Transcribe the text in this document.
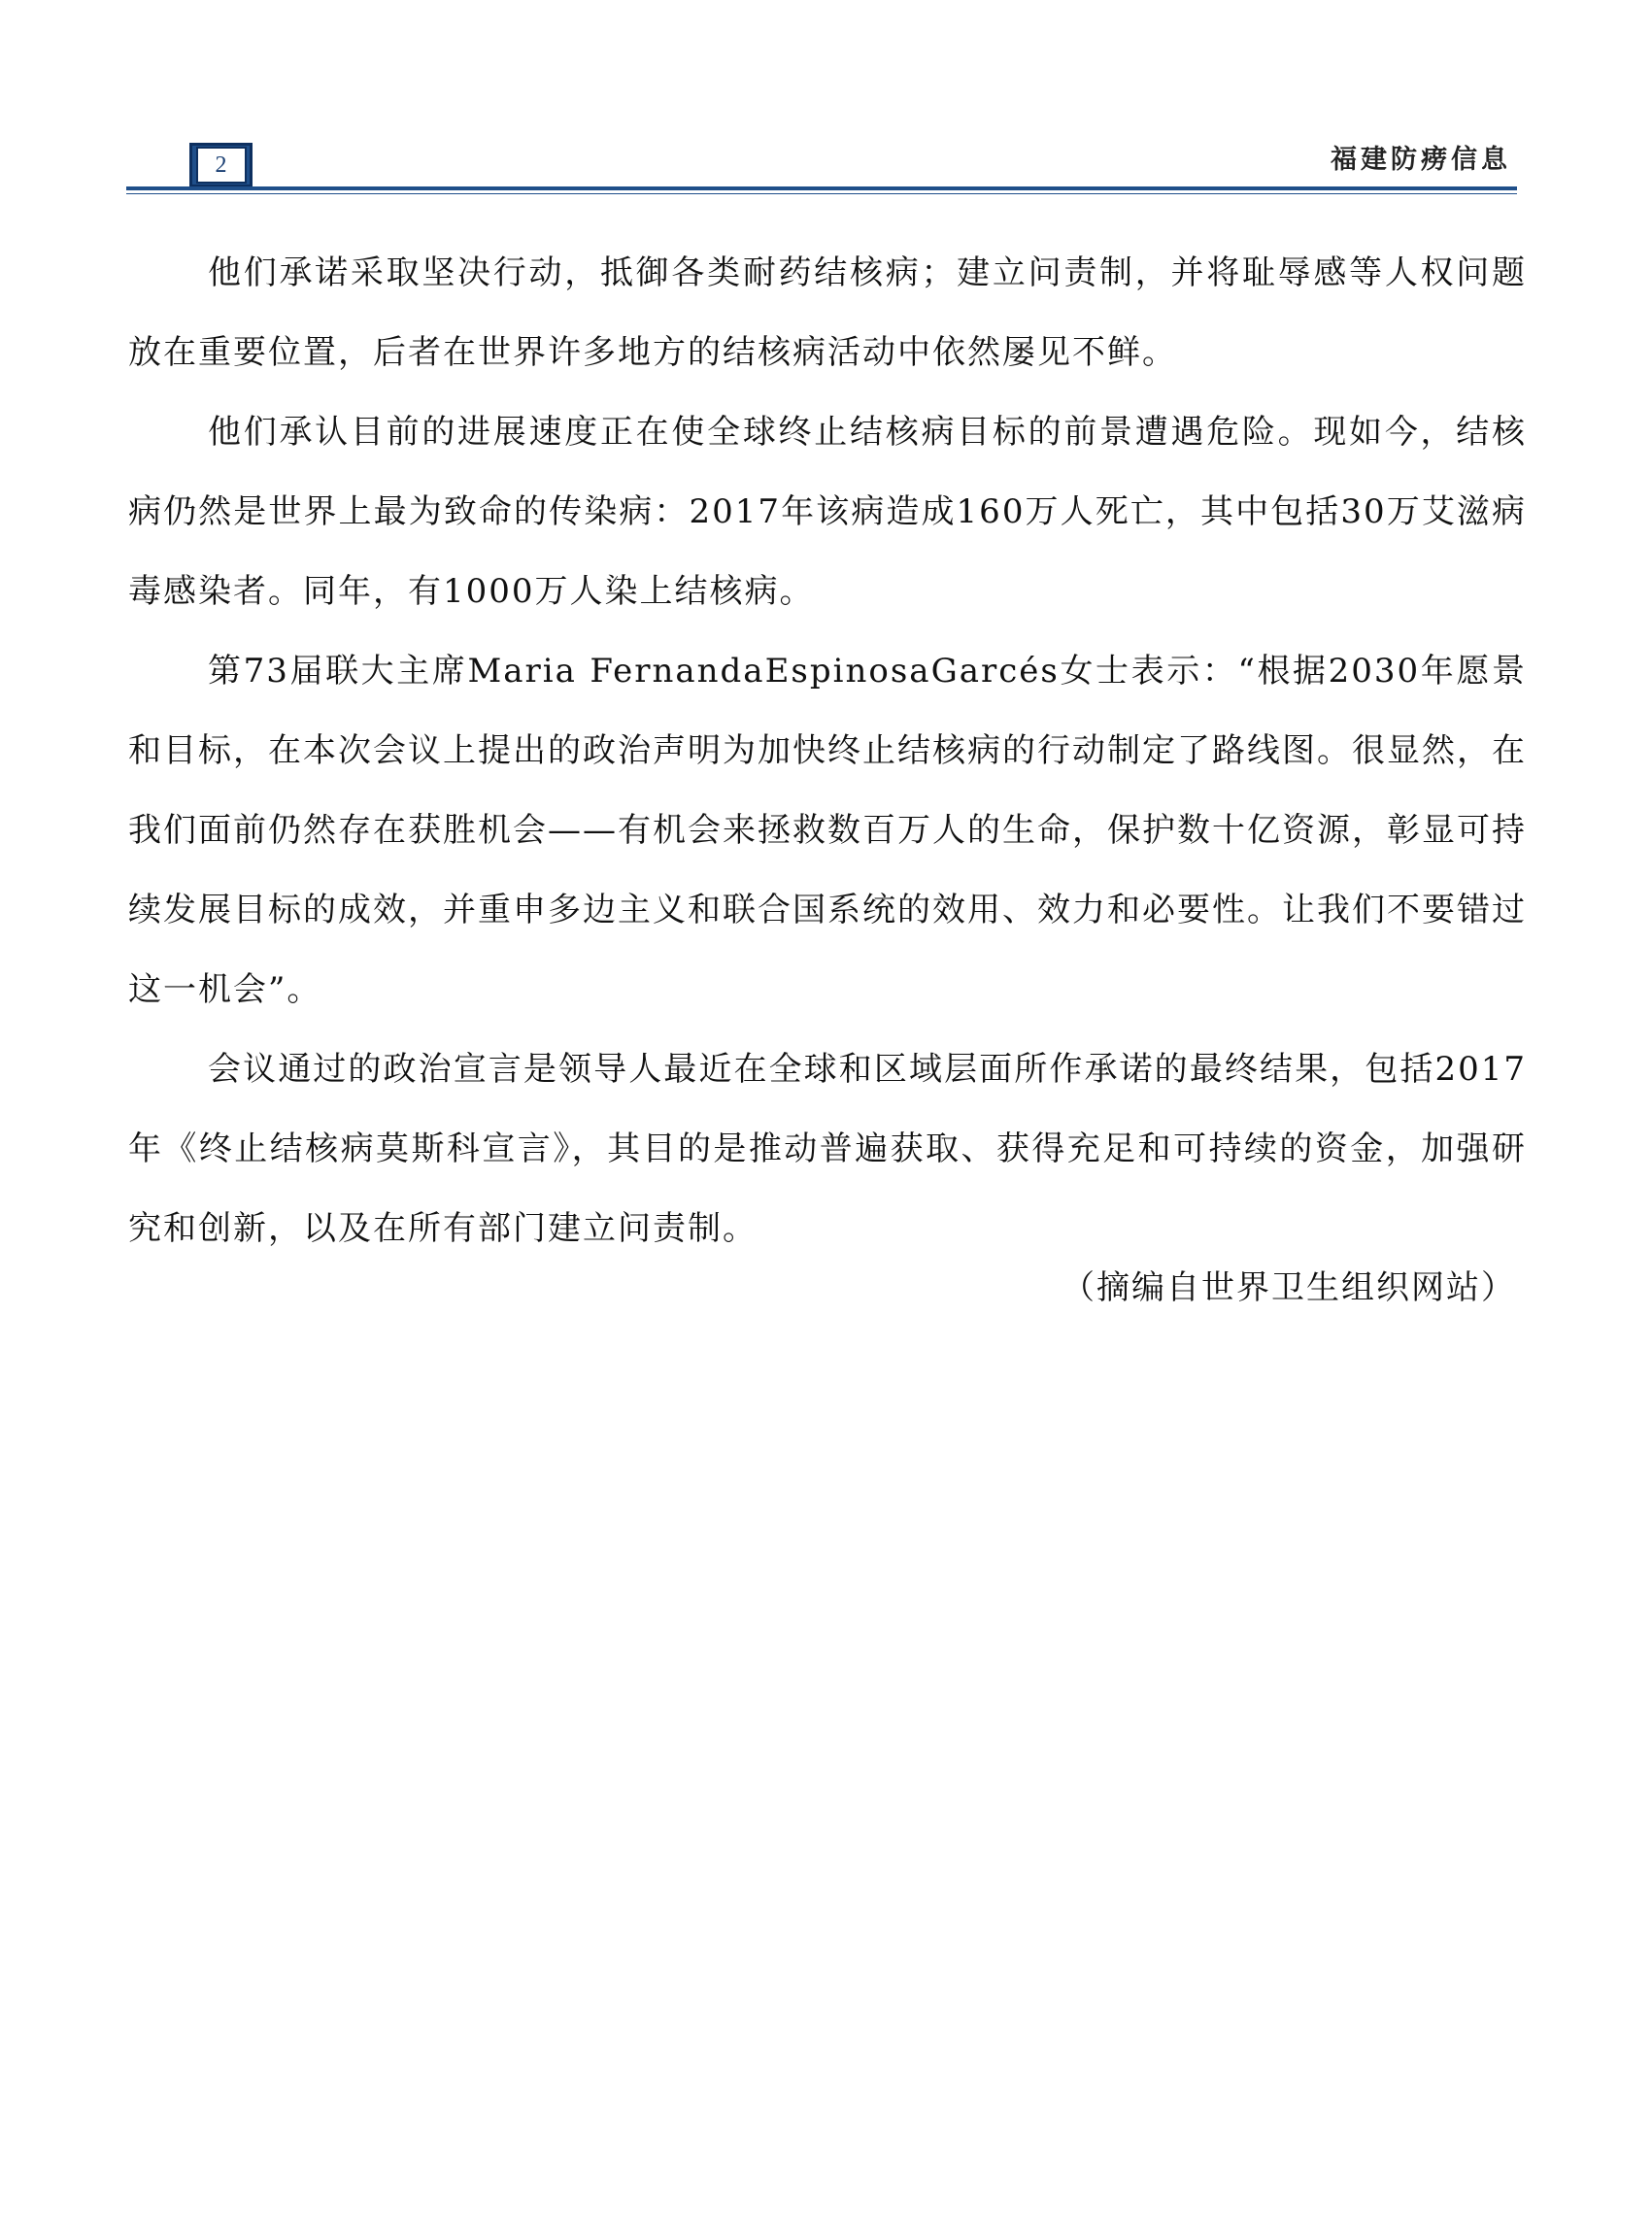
2	福建防痨信息

他们承诺采取坚决行动，抵御各类耐药结核病；建立问责制，并将耻辱感等人权问题放在重要位置，后者在世界许多地方的结核病活动中依然屡见不鲜。

他们承认目前的进展速度正在使全球终止结核病目标的前景遭遇危险。现如今，结核病仍然是世界上最为致命的传染病：2017年该病造成160万人死亡，其中包括30万艾滋病毒感染者。同年，有1000万人染上结核病。

第73届联大主席Maria FernandaEspinosaGarcés女士表示：“根据2030年愿景和目标，在本次会议上提出的政治声明为加快终止结核病的行动制定了路线图。很显然，在我们面前仍然存在获胜机会——有机会来拯救数百万人的生命，保护数十亿资源，彰显可持续发展目标的成效，并重申多边主义和联合国系统的效用、效力和必要性。让我们不要错过这一机会”。

会议通过的政治宣言是领导人最近在全球和区域层面所作承诺的最终结果，包括2017年《终止结核病莫斯科宣言》，其目的是推动普遍获取、获得充足和可持续的资金，加强研究和创新，以及在所有部门建立问责制。

（摘编自世界卫生组织网站）
